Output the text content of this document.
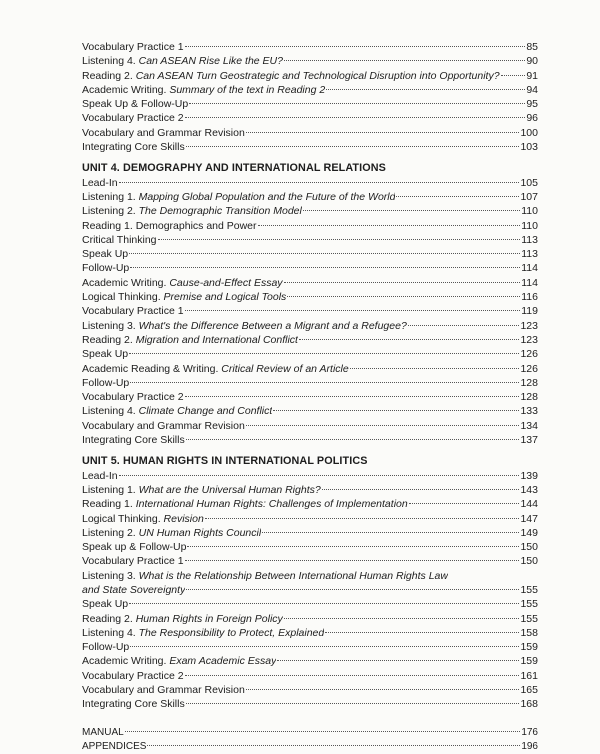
Vocabulary Practice 1	85
Listening 4. Can ASEAN Rise Like the EU?	90
Reading 2. Can ASEAN Turn Geostrategic and Technological Disruption into Opportunity?	91
Academic Writing. Summary of the text in Reading 2	94
Speak Up & Follow-Up	95
Vocabulary Practice 2	96
Vocabulary and Grammar Revision	100
Integrating Core Skills	103
UNIT 4. DEMOGRAPHY AND INTERNATIONAL RELATIONS
Lead-In	105
Listening 1. Mapping Global Population and the Future of the World	107
Listening 2. The Demographic Transition Model	110
Reading 1. Demographics and Power	110
Critical Thinking	113
Speak Up	113
Follow-Up	114
Academic Writing. Cause-and-Effect Essay	114
Logical Thinking. Premise and Logical Tools	116
Vocabulary Practice 1	119
Listening 3. What's the Difference Between a Migrant and a Refugee?	123
Reading 2. Migration and International Conflict	123
Speak Up	126
Academic Reading & Writing. Critical Review of an Article	126
Follow-Up	128
Vocabulary Practice 2	128
Listening 4. Climate Change and Conflict	133
Vocabulary and Grammar Revision	134
Integrating Core Skills	137
UNIT 5. HUMAN RIGHTS IN INTERNATIONAL POLITICS
Lead-In	139
Listening 1. What are the Universal Human Rights?	143
Reading 1. International Human Rights: Challenges of Implementation	144
Logical Thinking. Revision	147
Listening 2. UN Human Rights Council	149
Speak up & Follow-Up	150
Vocabulary Practice 1	150
Listening 3. What is the Relationship Between International Human Rights Law
and State Sovereignty	155
Speak Up	155
Reading 2. Human Rights in Foreign Policy	155
Listening 4. The Responsibility to Protect, Explained	158
Follow-Up	159
Academic Writing. Exam Academic Essay	159
Vocabulary Practice 2	161
Vocabulary and Grammar Revision	165
Integrating Core Skills	168
MANUAL	176
APPENDICES	196
